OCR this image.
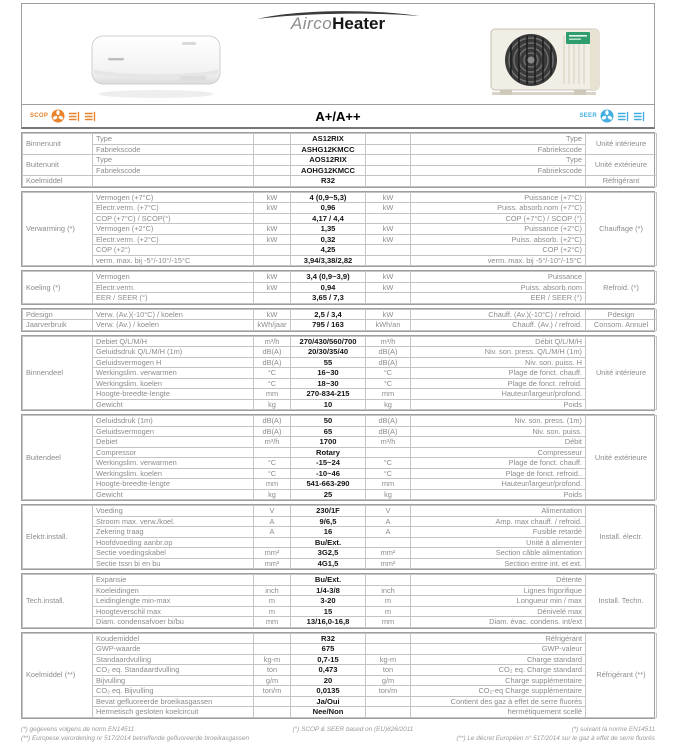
AircoHeater
SCOP	A+/A++	SEER
Binnenunit	Type		AS12RIX		Type	Unité intérieure
	Fabriekscode		ASHG12KMCC		Fabriekscode	
Buitenunit	Type		AOS12RIX		Type	Unité extérieure
	Fabriekscode		AOHG12KMCC		Fabriekscode	
Koelmiddel			R32			Réfrigérant
Verwarming (*)	Vermogen (+7°C)	kW	4 (0,9~5,3)	kW	Puissance (+7°C)	Chauffage (*)
	Electr.verm. (+7°C)	kW	0,96	kW	Puiss. absorb.nom (+7°C)	
	COP (+7°C) / SCOP(°)		4,17 / 4,4		COP (+7°C) / SCOP (°)	
	Vermogen (+2°C)	kW	1,35	kW	Puissance (+2°C)	
	Electr.verm. (+2°C)	kW	0,32	kW	Puiss. absorb. (+2°C)	
	COP (+2°)		4,25		COP (+2°C)	
	verm. max. bij -5°/-10°/-15°C		3,94/3,38/2,82		verm. max. bij -5°/-10°/-15°C	
Koeling (*)	Vermogen	kW	3,4 (0,9~3,9)	kW	Puissance	Refroid. (*)
	Electr.verm.	kW	0,94	kW	Puiss. absorb.nom	
	EER / SEER (°)		3,65 / 7,3		EER / SEER (°)	
Pdesign	Verw. (Av.)(-10°C) / koelen	kW	2,5 / 3,4	kW	Chauff. (Av.)(-10°C) / refroid.	Pdesign
Jaarverbruik	Verw. (Av.) / koelen	kWh/jaar	795 / 163	kWh/an	Chauff. (Av.) / refroid.	Consom. Annuel
Binnendeel	Debiet Q/L/M/H	m³/h	270/430/560/700	m³/h	Débit Q/L/M/H	Unité intérieure
	Geluidsdruk Q/L/M/H (1m)	dB(A)	20/30/35/40	dB(A)	Niv. son. press. Q/L/M/H (1m)	
	Geluidsvermogen H	dB(A)	55	dB(A)	Niv. son. puiss. H	
	Werkingslim. verwarmen	°C	16~30	°C	Plage de fonct. chauff.	
	Werkingslim. koelen	°C	18~30	°C	Plage de fonct. refroid.	
	Hoogte-breedte-lengte	mm	270-834-215	mm	Hauteur/largeur/profond.	
	Gewicht	kg	10	kg	Poids	
Buitendeel	Geluidsdruk (1m)	dB(A)	50	dB(A)	Niv. son. press. (1m)	Unité extérieure
	Geluidsvermogen	dB(A)	65	dB(A)	Niv. son. puiss.	
	Debiet	m³/h	1700	m³/h	Débit	
	Compressor		Rotary		Compresseur	
	Werkingslim. verwarmen	°C	-15~24	°C	Plage de fonct. chauff.	
	Werkingslim. koelen	°C	-10~46	°C	Plage de fonct. refroid..	
	Hoogte-breedte-lengte	mm	541-663-290	mm	Hauteur/largeur/profond.	
	Gewicht	kg	25	kg	Poids	
Elektr.install.	Voeding	V	230/1F	V	Alimentation	Install. électr.
	Stroom max. verw./koel.	A	9/6,5	A	Amp. max chauff. / refroid.	
	Zekering traag	A	16	A	Fusible retardé	
	Hoofdvoeding aanbr.op		Bu/Ext.		Unité à alimenter	
	Sectie voedingskabel	mm²	3G2,5	mm²	Section câble alimentation	
	Sectie tssn bi en bu	mm²	4G1,5	mm²	Section entre int. et ext.	
Tech.install.	Expansie		Bu/Ext.		Détente	Install. Techn.
	Koeleidingen	inch	1/4-3/8	inch	Lignes frigorifique	
	Leidinglengte min-max	m	3-20	m	Longueur min / max	
	Hoogteverschil max	m	15	m	Dénivelé max	
	Diam. condensafvoer bi/bu	mm	13/16,0-16,8	mm	Diam. évac. condens. int/ext	
Koelmiddel (**)	Koudemiddel		R32		Réfrigérant	Réfrigérant (**)
	GWP-waarde		675		GWP-valeur	
	Standaardvulling	kg-m	0,7-15	kg-m	Charge standard	
	CO₂ eq. Standaardvulling	ton	0,473	ton	CO₂ eq. Charge standard	
	Bijvulling	g/m	20	g/m	Charge supplémentaire	
	CO₂ eq. Bijvulling	ton/m	0,0135	ton/m	CO₂-eq Charge supplémentaire	
	Bevat gefluoreerde broeikasgassen		Ja/Oui		Contient des gaz à effet de serre fluorés	
	Hermetisch gesloten koelcircuit		Nee/Non		hermétiquement scellé	
(*) gegevens volgens de norm EN14511	(°) SCOP & SEER based on (EU)626/2011	(*) suivant la norme EN14511
(**) Europese verordening nr 517/2014 betreffende gefluoreerde broeikasgassen	(**) Le décret Européen n° 517/2014 sur le gaz à effet de serre fluorés
